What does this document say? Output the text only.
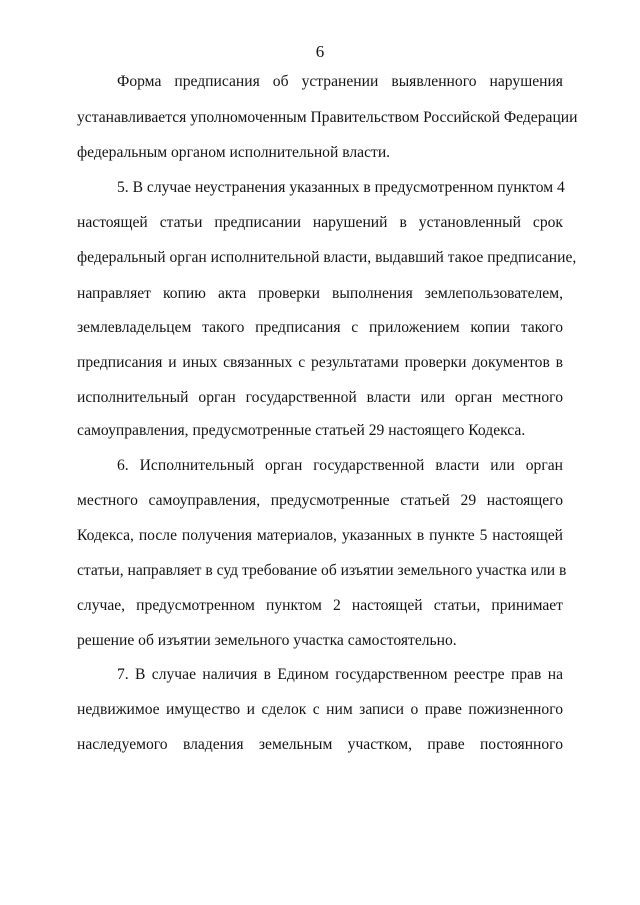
6
Форма предписания об устранении выявленного нарушения
устанавливается уполномоченным Правительством Российской Федерации
федеральным органом исполнительной власти.
5. В случае неустранения указанных в предусмотренном пунктом 4
настоящей статьи предписании нарушений в установленный срок
федеральный орган исполнительной власти, выдавший такое предписание,
направляет копию акта проверки выполнения землепользователем,
землевладельцем такого предписания с приложением копии такого
предписания и иных связанных с результатами проверки документов в
исполнительный орган государственной власти или орган местного
самоуправления, предусмотренные статьей 29 настоящего Кодекса.
6. Исполнительный орган государственной власти или орган
местного самоуправления, предусмотренные статьей 29 настоящего
Кодекса, после получения материалов, указанных в пункте 5 настоящей
статьи, направляет в суд требование об изъятии земельного участка или в
случае, предусмотренном пунктом 2 настоящей статьи, принимает
решение об изъятии земельного участка самостоятельно.
7. В случае наличия в Едином государственном реестре прав на
недвижимое имущество и сделок с ним записи о праве пожизненного
наследуемого владения земельным участком, праве постоянного
